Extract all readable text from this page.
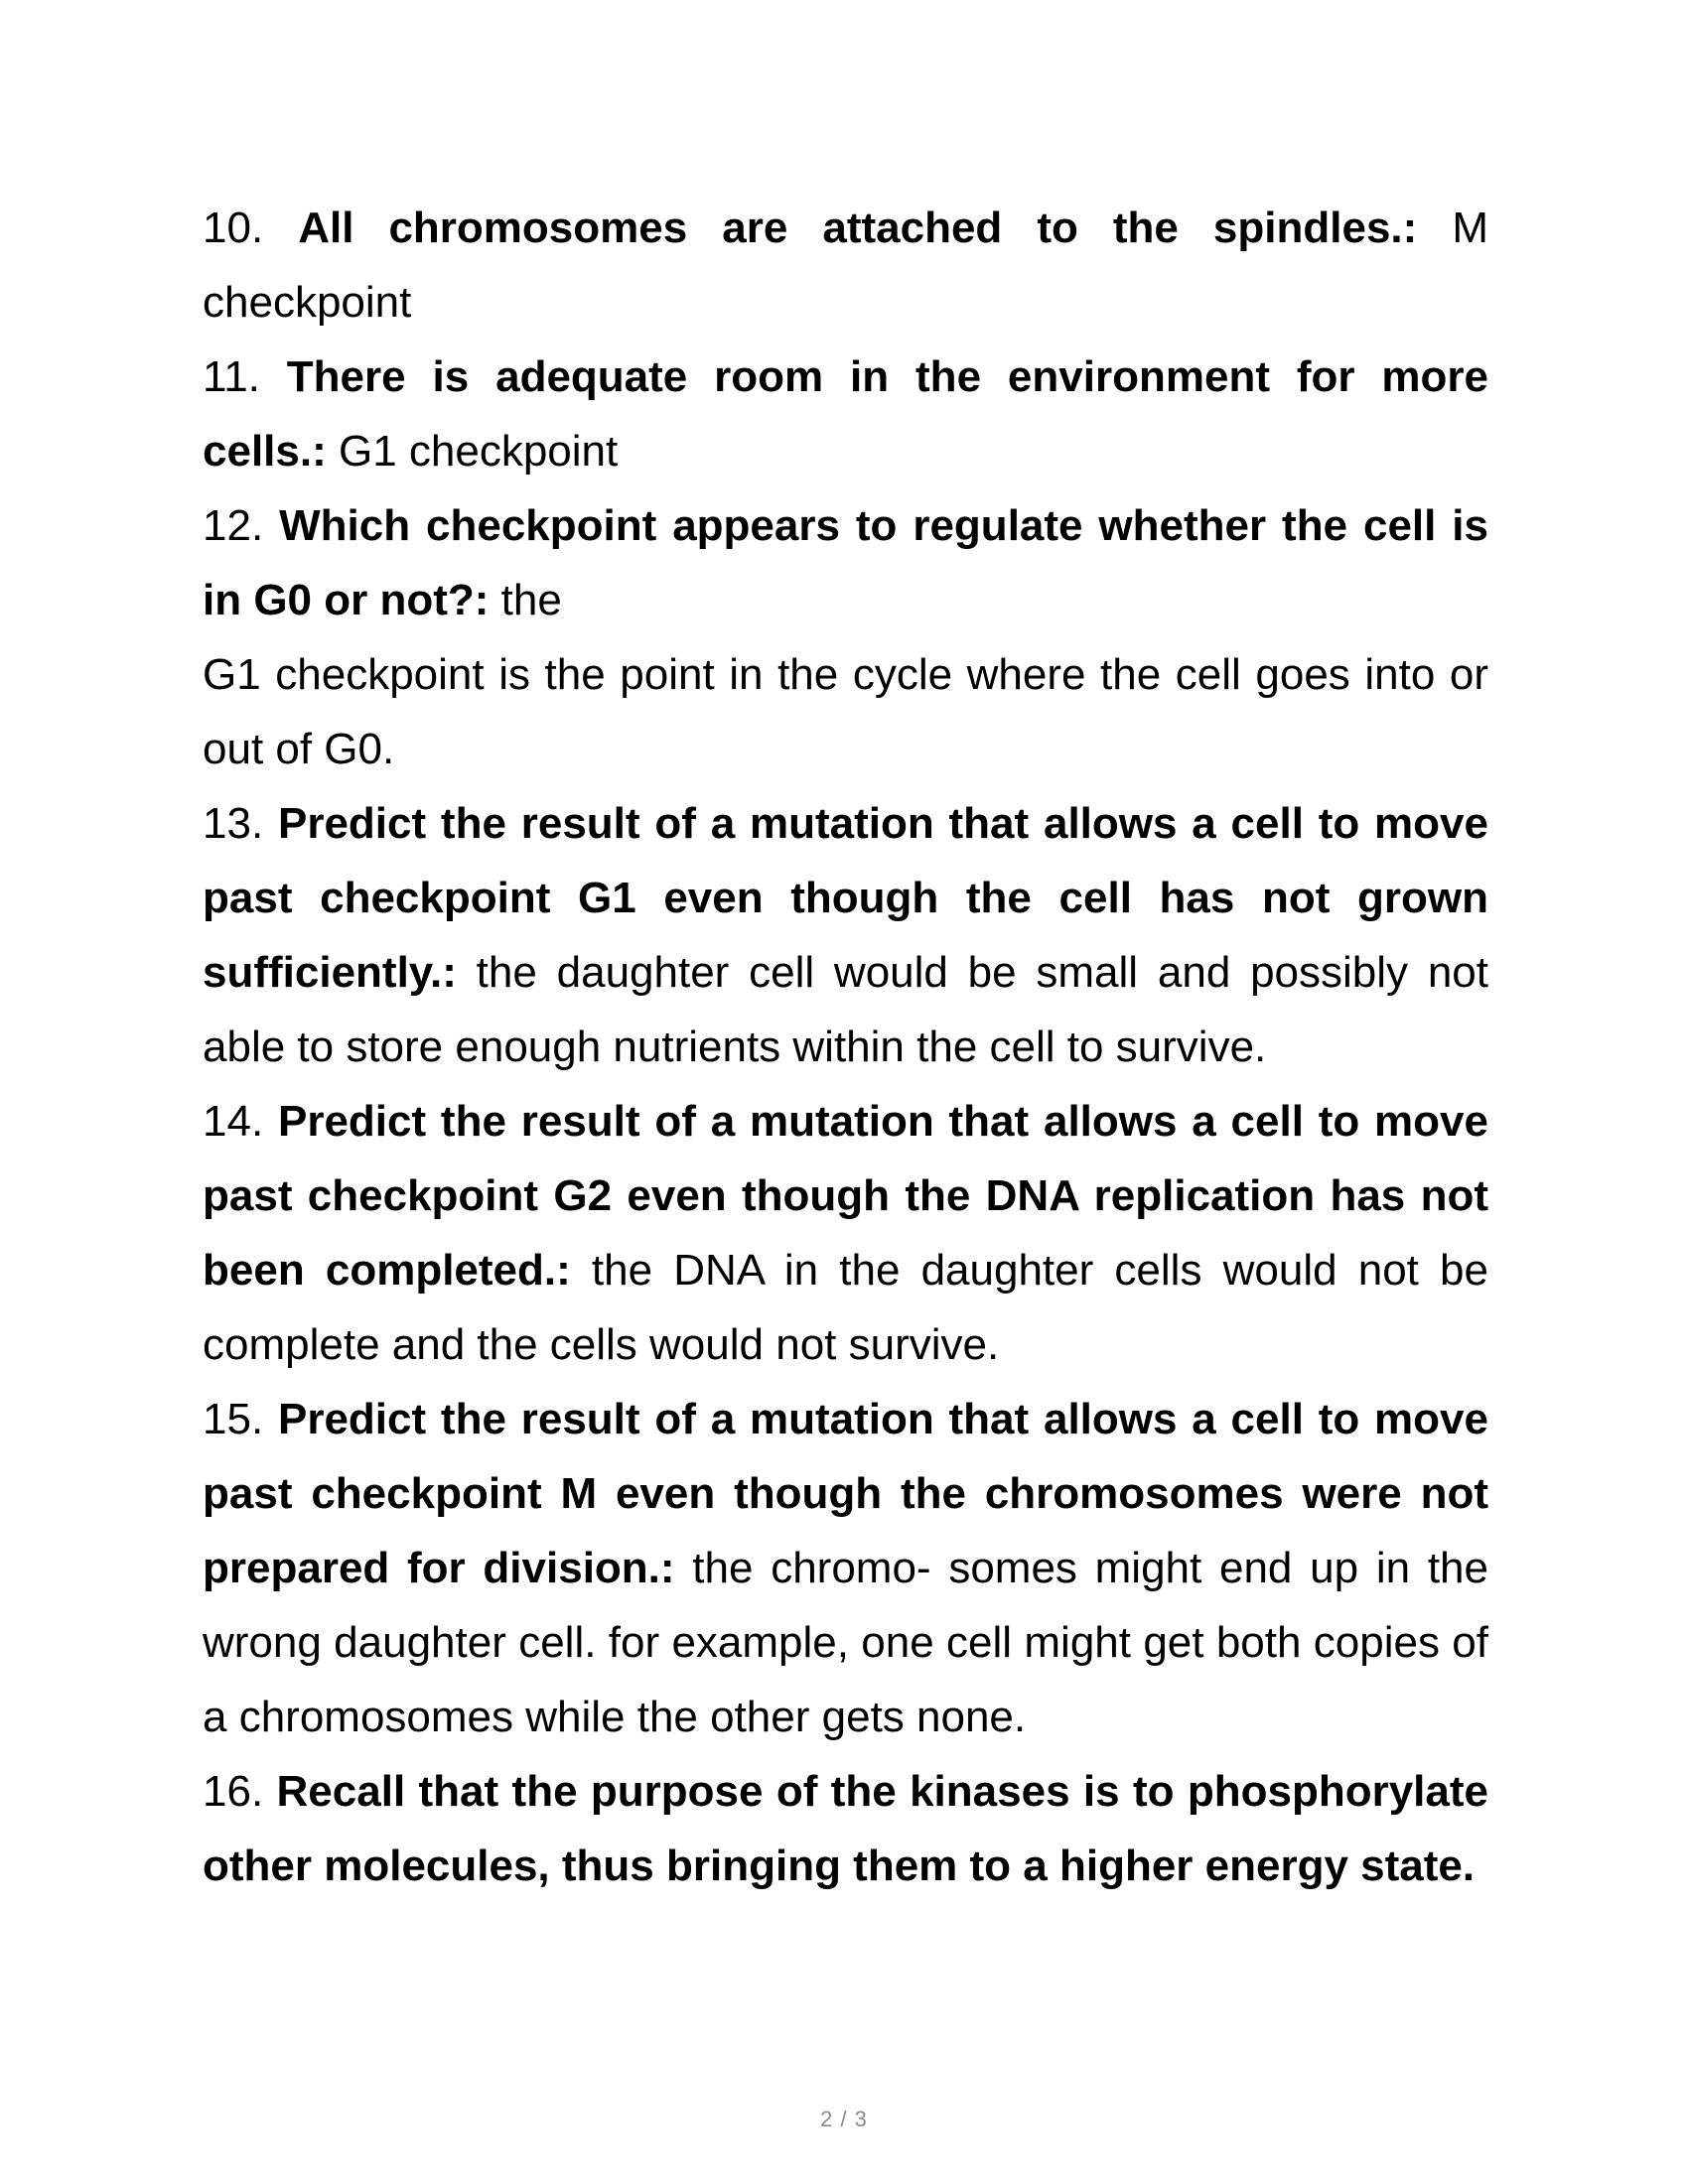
10. All chromosomes are attached to the spindles.: M checkpoint

11. There is adequate room in the environment for more cells.: G1 checkpoint

12. Which checkpoint appears to regulate whether the cell is in G0 or not?: the

G1 checkpoint is the point in the cycle where the cell goes into or out of G0.

13. Predict the result of a mutation that allows a cell to move past checkpoint G1 even though the cell has not grown sufficiently.: the daughter cell would be small and possibly not able to store enough nutrients within the cell to survive.

14. Predict the result of a mutation that allows a cell to move past checkpoint G2 even though the DNA replication has not been completed.: the DNA in the daughter cells would not be complete and the cells would not survive.

15. Predict the result of a mutation that allows a cell to move past checkpoint M even though the chromosomes were not prepared for division.: the chromo- somes might end up in the wrong daughter cell. for example, one cell might get both copies of a chromosomes while the other gets none.

16. Recall that the purpose of the kinases is to phosphorylate other molecules, thus bringing them to a higher energy state.

2 / 3
